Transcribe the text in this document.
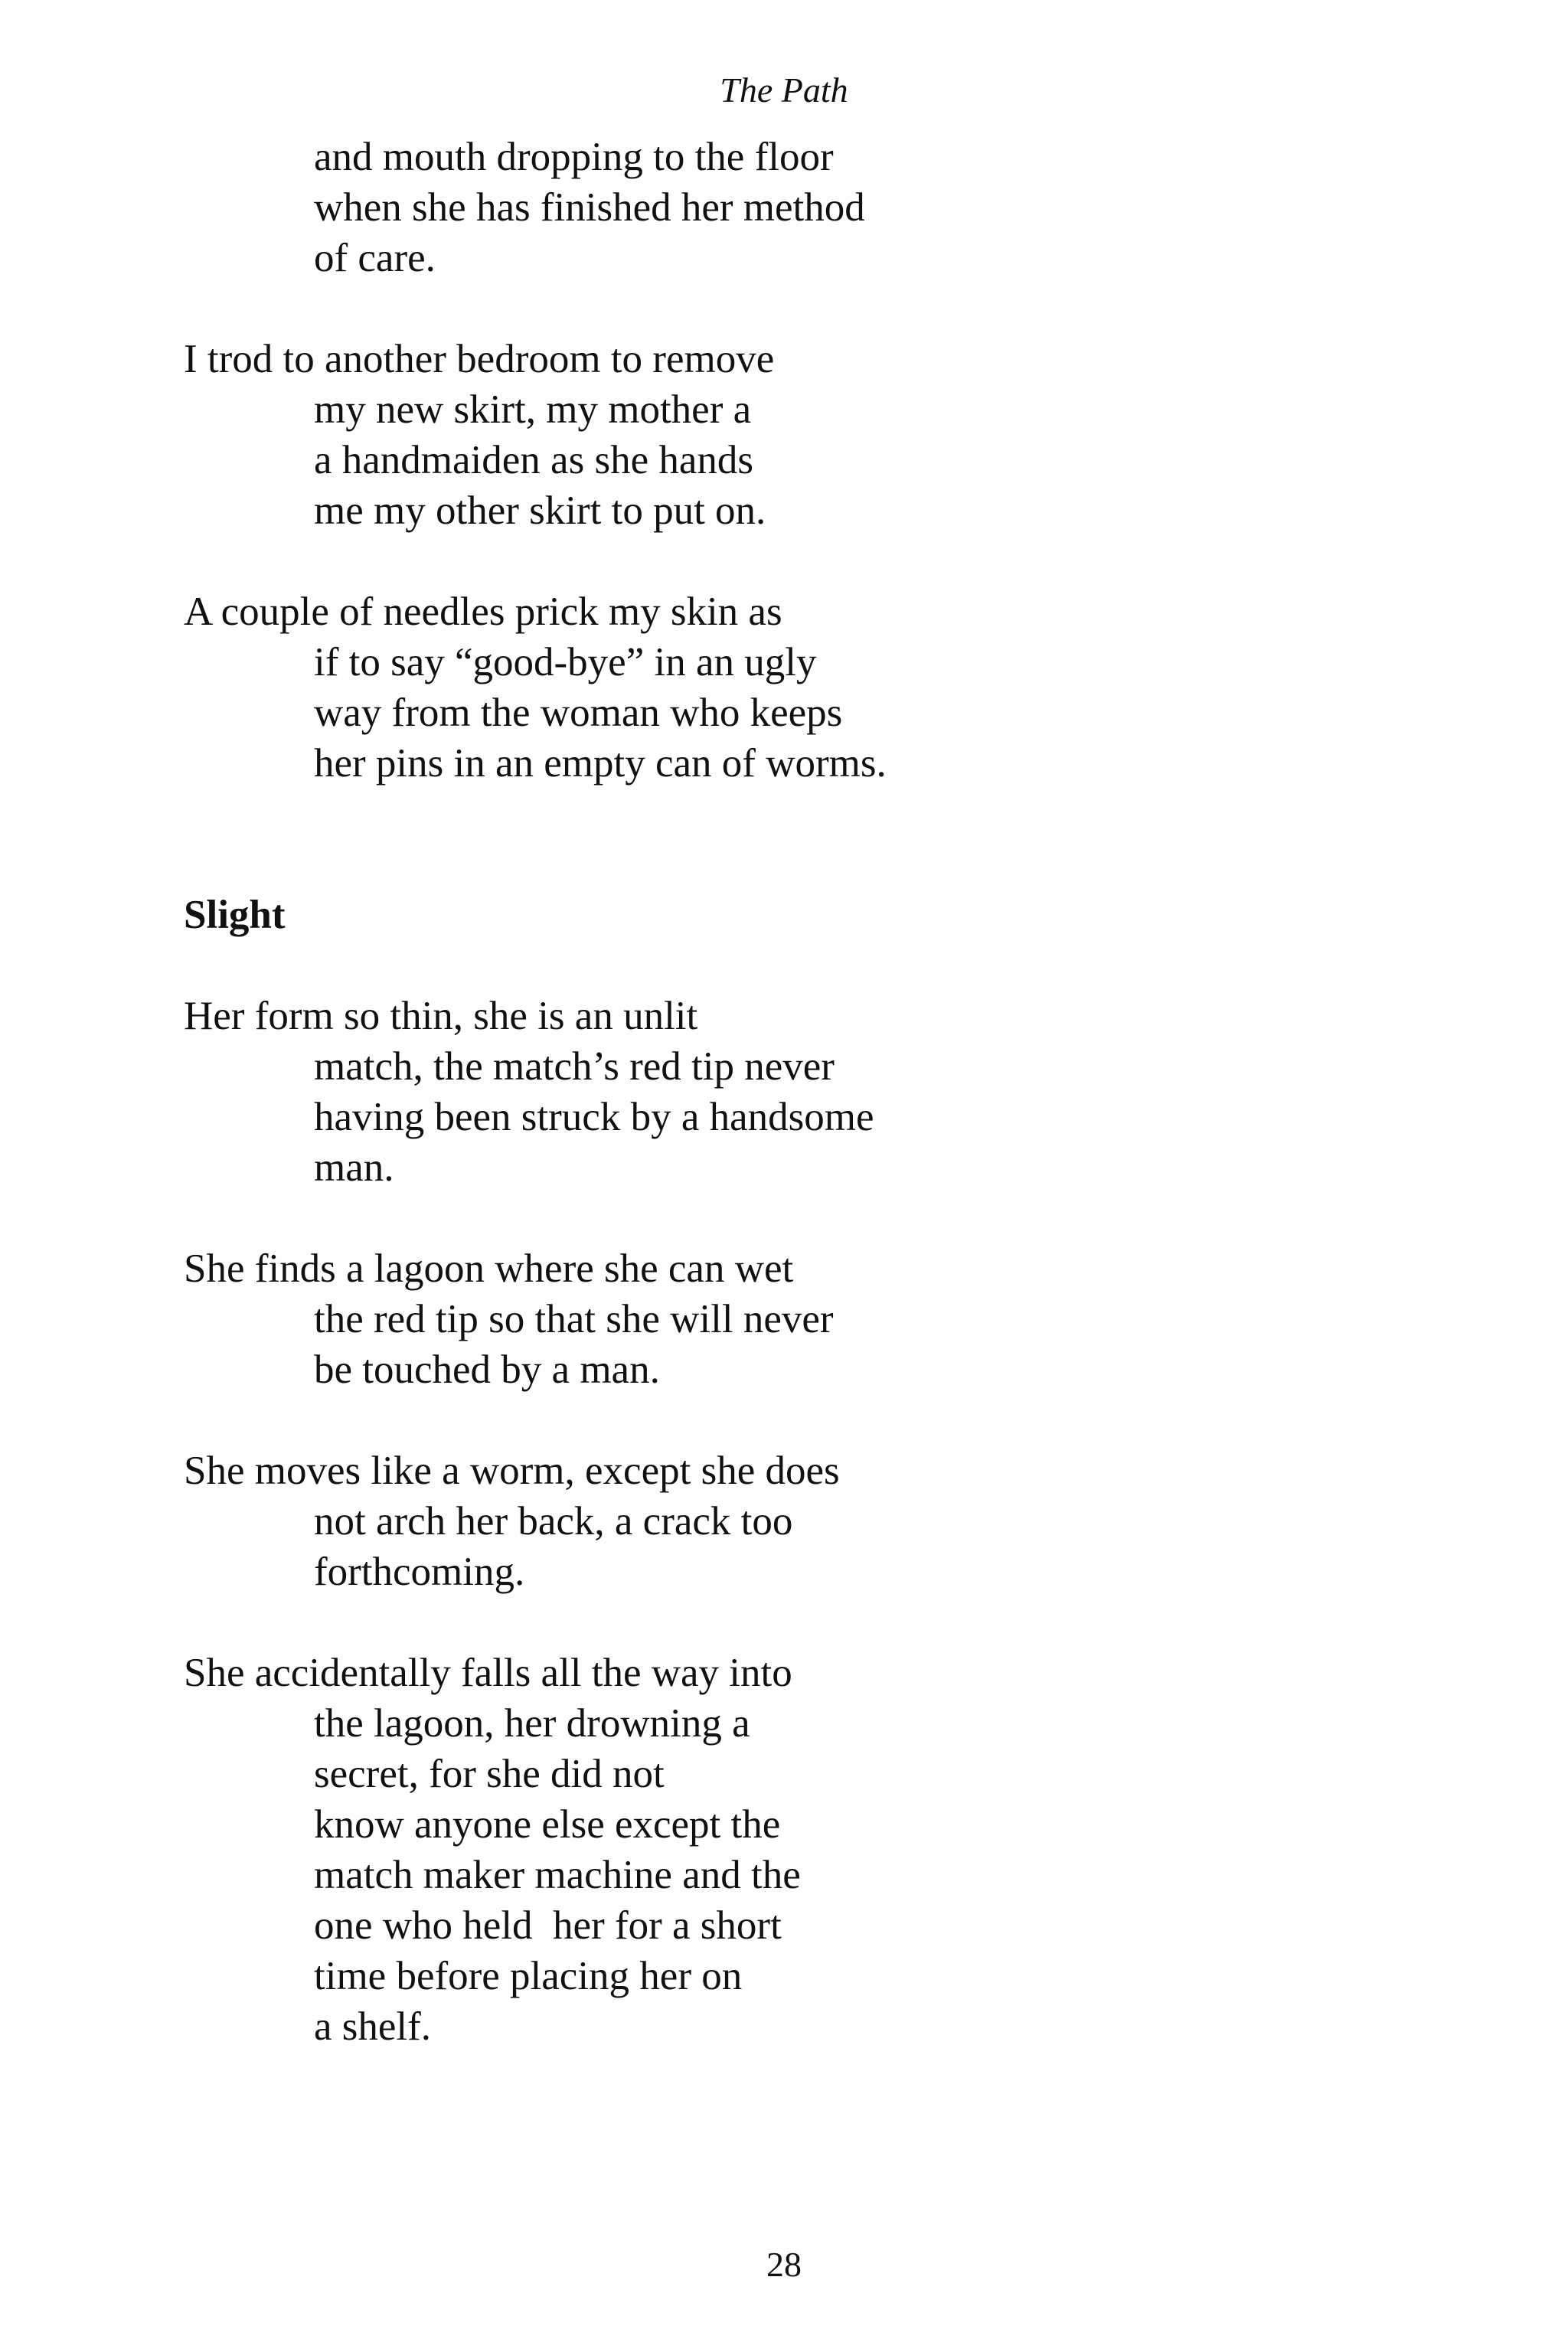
The Path
and mouth dropping to the floor
when she has finished her method
of care.
I trod to another bedroom to remove
my new skirt, my mother a
a handmaiden as she hands
me my other skirt to put on.
A couple of needles prick my skin as
if to say “good-bye” in an ugly
way from the woman who keeps
her pins in an empty can of worms.
Slight
Her form so thin, she is an unlit
match, the match’s red tip never
having been struck by a handsome
man.
She finds a lagoon where she can wet
the red tip so that she will never
be touched by a man.
She moves like a worm, except she does
not arch her back, a crack too
forthcoming.
She accidentally falls all the way into
the lagoon, her drowning a
secret, for she did not
know anyone else except the
match maker machine and the
one who held  her for a short
time before placing her on
a shelf.
28
